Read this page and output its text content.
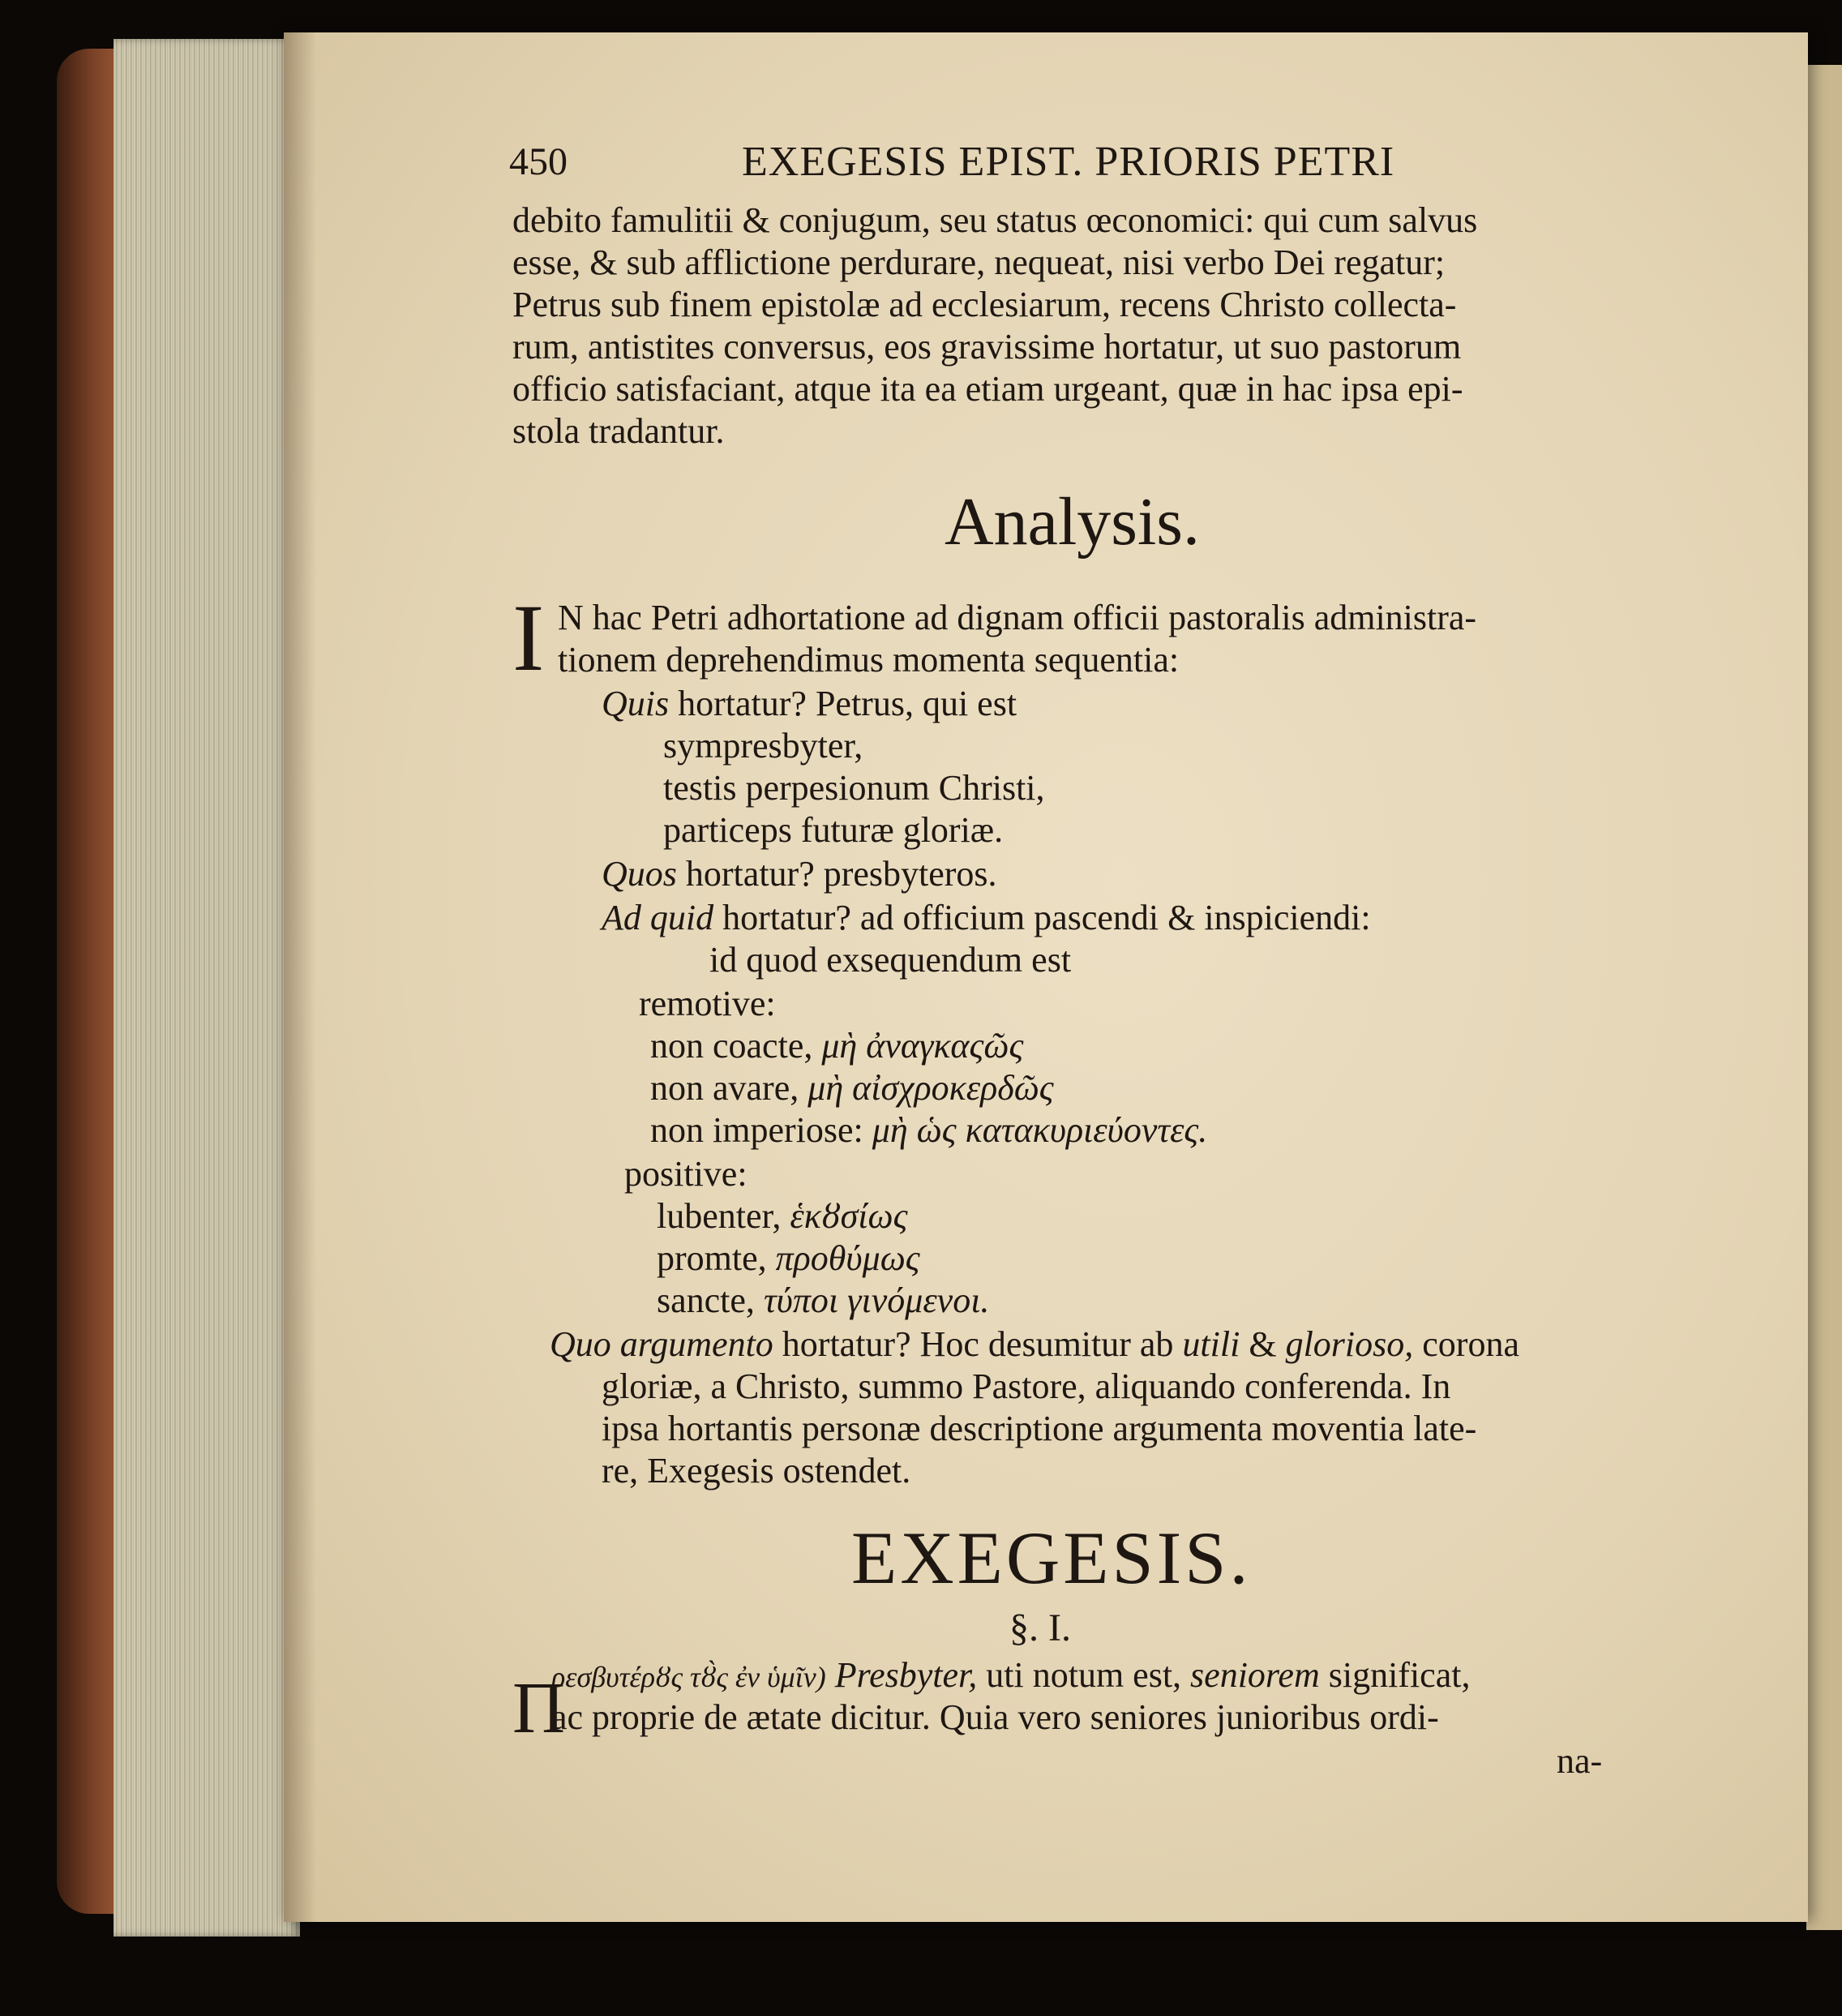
450	EXEGESIS EPIST. PRIORIS PETRI
debito famulitii & conjugum, seu status œconomici: qui cum salvus
esse, & sub afflictione perdurare, nequeat, nisi verbo Dei regatur;
Petrus sub finem epistolæ ad ecclesiarum, recens Christo collecta-
rum, antistites conversus, eos gravissime hortatur, ut suo pastorum
officio satisfaciant, atque ita ea etiam urgeant, quæ in hac ipsa epi-
stola tradantur.
Analysis.
I N hac Petri adhortatione ad dignam officii pastoralis administra-
tionem deprehendimus momenta sequentia:
Quis hortatur? Petrus, qui est
sympresbyter,
testis perpesionum Christi,
particeps futuræ gloriæ.
Quos hortatur? presbyteros.
Ad quid hortatur? ad officium pascendi & inspiciendi:
id quod exsequendum est
remotive:
non coacte, μὴ ἀναγκαςῶς
non avare, μὴ αἰσχροκερδῶς
non imperiose: μὴ ὡς κατακυριεύοντες.
positive:
lubenter, ἑκȣσίως
promte, προθύμως
sancte, τύποι γινόμενοι.
Quo argumento hortatur? Hoc desumitur ab utili & glorioso, corona
gloriæ, a Christo, summo Pastore, aliquando conferenda. In
ipsa hortantis personæ descriptione argumenta moventia late-
re, Exegesis ostendet.
EXEGESIS.
§. I.
Π
ρεσβυτέρȣς τȣ̀ς ἐν ὑμῖν) Presbyter, uti notum est, seniorem significat,
ac proprie de ætate dicitur. Quia vero seniores junioribus ordi-
na-
